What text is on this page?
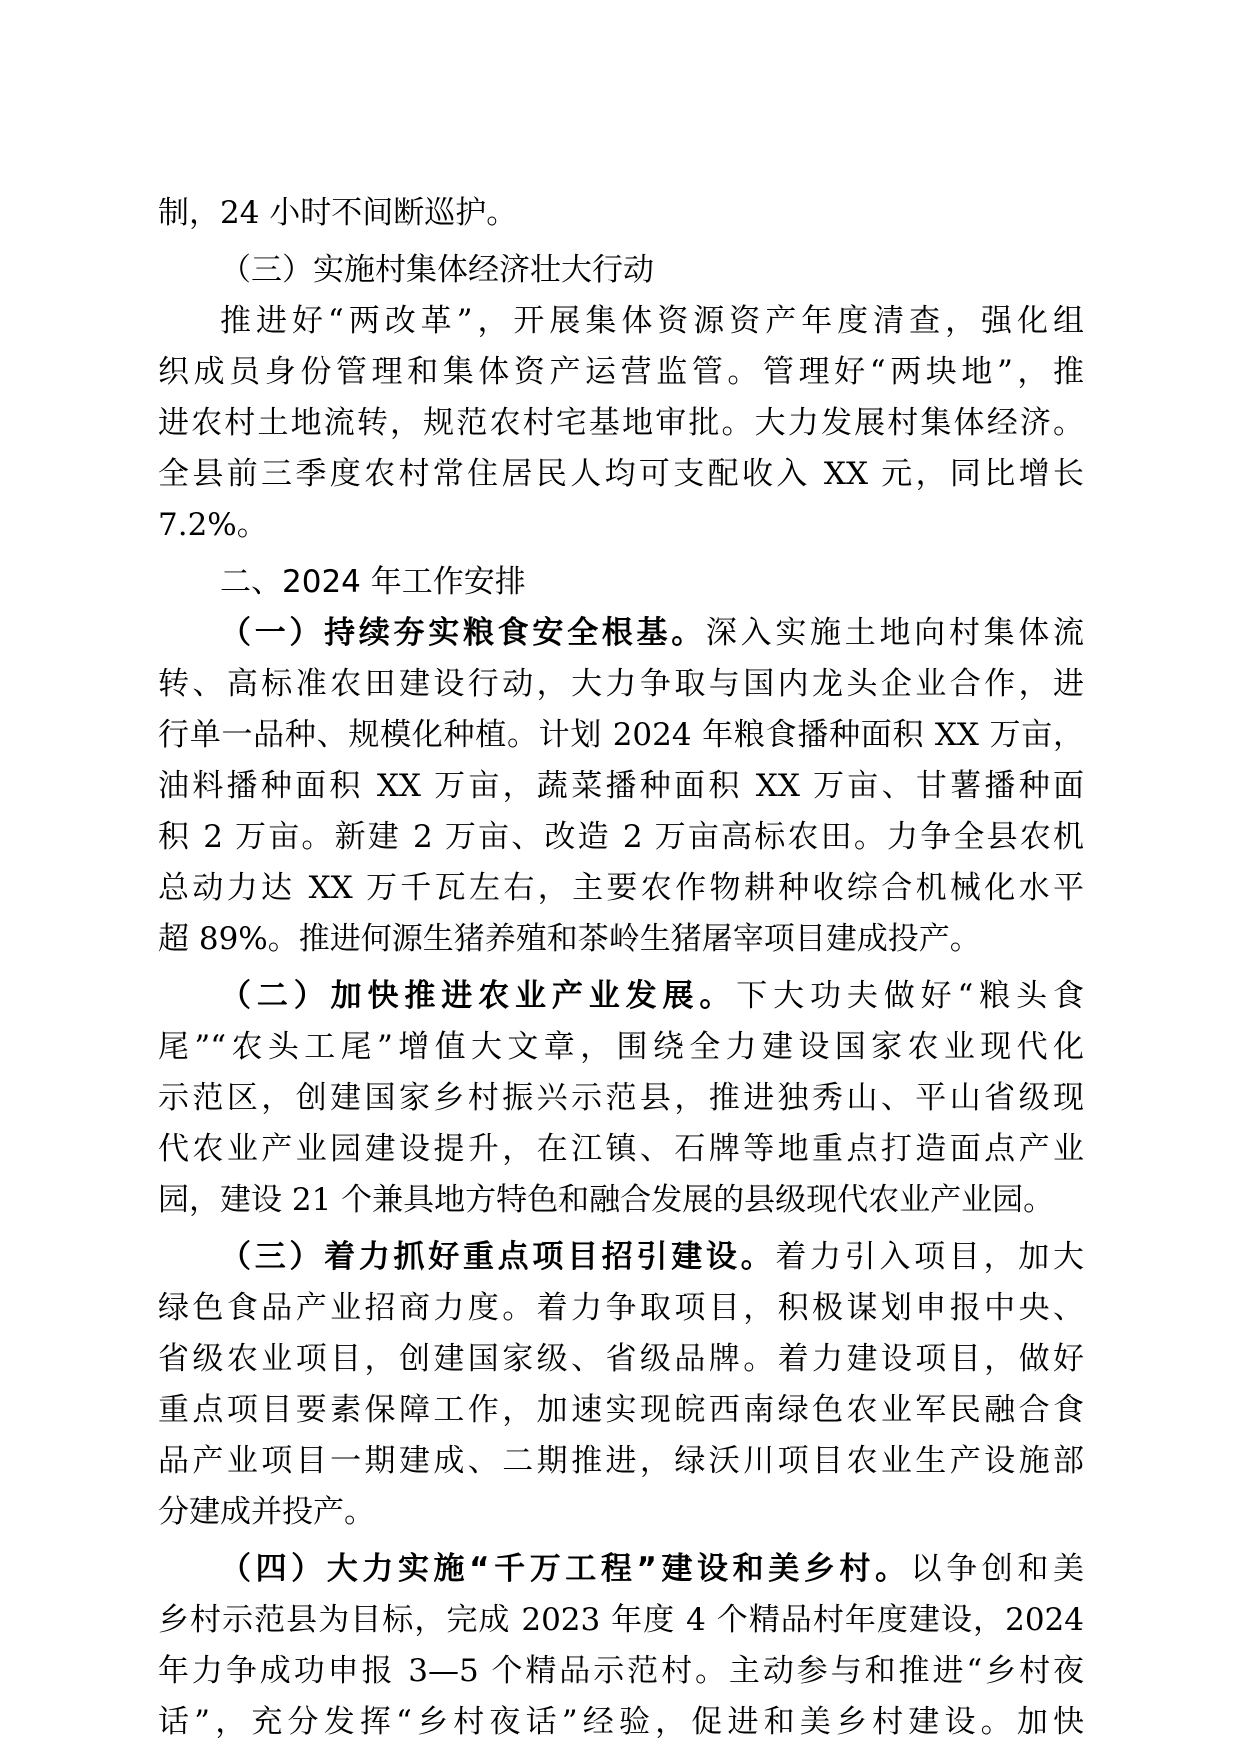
制，24 小时不间断巡护。
（三）实施村集体经济壮大行动
推进好“两改革”，开展集体资源资产年度清查，强化组
织成员身份管理和集体资产运营监管。管理好“两块地”，推
进农村土地流转，规范农村宅基地审批。大力发展村集体经济。
全县前三季度农村常住居民人均可支配收入 XX 元，同比增长
7.2%。
二、2024 年工作安排
（一）持续夯实粮食安全根基。深入实施土地向村集体流
转、高标准农田建设行动，大力争取与国内龙头企业合作，进
行单一品种、规模化种植。计划 2024 年粮食播种面积 XX 万亩，
油料播种面积 XX 万亩，蔬菜播种面积 XX 万亩、甘薯播种面
积 2 万亩。新建 2 万亩、改造 2 万亩高标农田。力争全县农机
总动力达 XX 万千瓦左右，主要农作物耕种收综合机械化水平
超 89%。推进何源生猪养殖和茶岭生猪屠宰项目建成投产。
（二）加快推进农业产业发展。下大功夫做好“粮头食
尾”“农头工尾”增值大文章，围绕全力建设国家农业现代化
示范区，创建国家乡村振兴示范县，推进独秀山、平山省级现
代农业产业园建设提升，在江镇、石牌等地重点打造面点产业
园，建设 21 个兼具地方特色和融合发展的县级现代农业产业园。
（三）着力抓好重点项目招引建设。着力引入项目，加大
绿色食品产业招商力度。着力争取项目，积极谋划申报中央、
省级农业项目，创建国家级、省级品牌。着力建设项目，做好
重点项目要素保障工作，加速实现皖西南绿色农业军民融合食
品产业项目一期建成、二期推进，绿沃川项目农业生产设施部
分建成并投产。
（四）大力实施“千万工程”建设和美乡村。以争创和美
乡村示范县为目标，完成 2023 年度 4 个精品村年度建设，2024
年力争成功申报 3—5 个精品示范村。主动参与和推进“乡村夜
话”，充分发挥“乡村夜话”经验，促进和美乡村建设。加快
